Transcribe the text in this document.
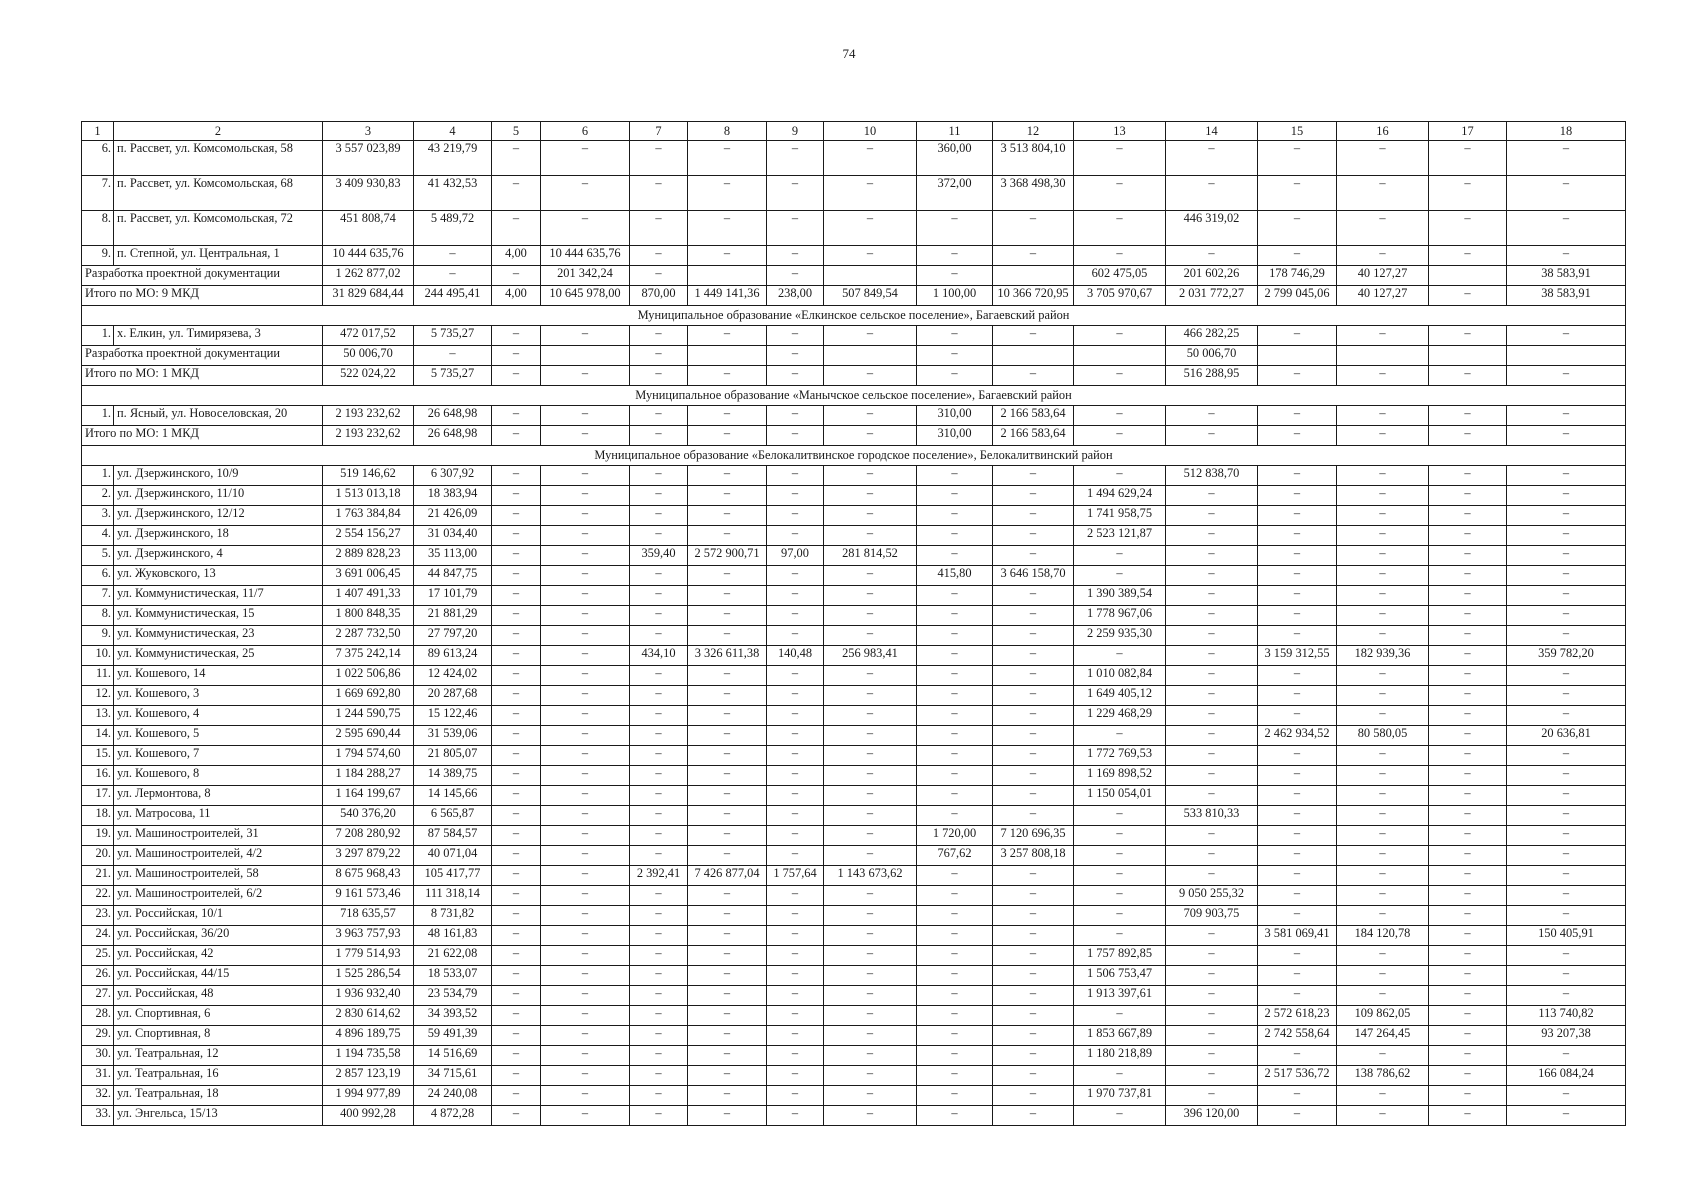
74
1	2	3	4	5	6	7	8	9	10	11	12	13	14	15	16	17	18
6.	п. Рассвет, ул. Комсомольская, 58	3 557 023,89	43 219,79	–	–	–	–	–	–	360,00	3 513 804,10	–	–	–	–	–	–
7.	п. Рассвет, ул. Комсомольская, 68	3 409 930,83	41 432,53	–	–	–	–	–	–	372,00	3 368 498,30	–	–	–	–	–	–
8.	п. Рассвет, ул. Комсомольская, 72	451 808,74	5 489,72	–	–	–	–	–	–	–	–	–	446 319,02	–	–	–	–
9.	п. Степной, ул. Центральная, 1	10 444 635,76	–	4,00	10 444 635,76	–	–	–	–	–	–	–	–	–	–	–	–
Разработка проектной документации		1 262 877,02	–	–	201 342,24	–		–		–		602 475,05	201 602,26	178 746,29	40 127,27		38 583,91
Итого по МО: 9 МКД		31 829 684,44	244 495,41	4,00	10 645 978,00	870,00	1 449 141,36	238,00	507 849,54	1 100,00	10 366 720,95	3 705 970,67	2 031 772,27	2 799 045,06	40 127,27	–	38 583,91
Муниципальное образование «Елкинское сельское поселение», Багаевский район																	
1.	х. Елкин, ул. Тимирязева, 3	472 017,52	5 735,27	–	–	–	–	–	–	–	–	–	466 282,25	–	–	–	–
Разработка проектной документации		50 006,70	–	–		–		–		–			50 006,70				
Итого по МО: 1 МКД		522 024,22	5 735,27	–	–	–	–	–	–	–	–	–	516 288,95	–	–	–	–
Муниципальное образование «Манычское сельское поселение», Багаевский район																	
1.	п. Ясный, ул. Новоселовская, 20	2 193 232,62	26 648,98	–	–	–	–	–	–	310,00	2 166 583,64	–	–	–	–	–	–
Итого по МО: 1 МКД		2 193 232,62	26 648,98	–	–	–	–	–	–	310,00	2 166 583,64	–	–	–	–	–	–
Муниципальное образование «Белокалитвинское городское поселение», Белокалитвинский район																	
1.	ул. Дзержинского, 10/9	519 146,62	6 307,92	–	–	–	–	–	–	–	–	–	512 838,70	–	–	–	–
2.	ул. Дзержинского, 11/10	1 513 013,18	18 383,94	–	–	–	–	–	–	–	–	1 494 629,24	–	–	–	–	–
3.	ул. Дзержинского, 12/12	1 763 384,84	21 426,09	–	–	–	–	–	–	–	–	1 741 958,75	–	–	–	–	–
4.	ул. Дзержинского, 18	2 554 156,27	31 034,40	–	–	–	–	–	–	–	–	2 523 121,87	–	–	–	–	–
5.	ул. Дзержинского, 4	2 889 828,23	35 113,00	–	–	359,40	2 572 900,71	97,00	281 814,52	–	–	–	–	–	–	–	–
6.	ул. Жуковского, 13	3 691 006,45	44 847,75	–	–	–	–	–	–	415,80	3 646 158,70	–	–	–	–	–	–
7.	ул. Коммунистическая, 11/7	1 407 491,33	17 101,79	–	–	–	–	–	–	–	–	1 390 389,54	–	–	–	–	–
8.	ул. Коммунистическая, 15	1 800 848,35	21 881,29	–	–	–	–	–	–	–	–	1 778 967,06	–	–	–	–	–
9.	ул. Коммунистическая, 23	2 287 732,50	27 797,20	–	–	–	–	–	–	–	–	2 259 935,30	–	–	–	–	–
10.	ул. Коммунистическая, 25	7 375 242,14	89 613,24	–	–	434,10	3 326 611,38	140,48	256 983,41	–	–	–	–	3 159 312,55	182 939,36	–	359 782,20
11.	ул. Кошевого, 14	1 022 506,86	12 424,02	–	–	–	–	–	–	–	–	1 010 082,84	–	–	–	–	–
12.	ул. Кошевого, 3	1 669 692,80	20 287,68	–	–	–	–	–	–	–	–	1 649 405,12	–	–	–	–	–
13.	ул. Кошевого, 4	1 244 590,75	15 122,46	–	–	–	–	–	–	–	–	1 229 468,29	–	–	–	–	–
14.	ул. Кошевого, 5	2 595 690,44	31 539,06	–	–	–	–	–	–	–	–	–	–	2 462 934,52	80 580,05	–	20 636,81
15.	ул. Кошевого, 7	1 794 574,60	21 805,07	–	–	–	–	–	–	–	–	1 772 769,53	–	–	–	–	–
16.	ул. Кошевого, 8	1 184 288,27	14 389,75	–	–	–	–	–	–	–	–	1 169 898,52	–	–	–	–	–
17.	ул. Лермонтова, 8	1 164 199,67	14 145,66	–	–	–	–	–	–	–	–	1 150 054,01	–	–	–	–	–
18.	ул. Матросова, 11	540 376,20	6 565,87	–	–	–	–	–	–	–	–	–	533 810,33	–	–	–	–
19.	ул. Машиностроителей, 31	7 208 280,92	87 584,57	–	–	–	–	–	–	1 720,00	7 120 696,35	–	–	–	–	–	–
20.	ул. Машиностроителей, 4/2	3 297 879,22	40 071,04	–	–	–	–	–	–	767,62	3 257 808,18	–	–	–	–	–	–
21.	ул. Машиностроителей, 58	8 675 968,43	105 417,77	–	–	2 392,41	7 426 877,04	1 757,64	1 143 673,62	–	–	–	–	–	–	–	–
22.	ул. Машиностроителей, 6/2	9 161 573,46	111 318,14	–	–	–	–	–	–	–	–	–	9 050 255,32	–	–	–	–
23.	ул. Российская, 10/1	718 635,57	8 731,82	–	–	–	–	–	–	–	–	–	709 903,75	–	–	–	–
24.	ул. Российская, 36/20	3 963 757,93	48 161,83	–	–	–	–	–	–	–	–	–	–	3 581 069,41	184 120,78	–	150 405,91
25.	ул. Российская, 42	1 779 514,93	21 622,08	–	–	–	–	–	–	–	–	1 757 892,85	–	–	–	–	–
26.	ул. Российская, 44/15	1 525 286,54	18 533,07	–	–	–	–	–	–	–	–	1 506 753,47	–	–	–	–	–
27.	ул. Российская, 48	1 936 932,40	23 534,79	–	–	–	–	–	–	–	–	1 913 397,61	–	–	–	–	–
28.	ул. Спортивная, 6	2 830 614,62	34 393,52	–	–	–	–	–	–	–	–	–	–	2 572 618,23	109 862,05	–	113 740,82
29.	ул. Спортивная, 8	4 896 189,75	59 491,39	–	–	–	–	–	–	–	–	1 853 667,89	–	2 742 558,64	147 264,45	–	93 207,38
30.	ул. Театральная, 12	1 194 735,58	14 516,69	–	–	–	–	–	–	–	–	1 180 218,89	–	–	–	–	–
31.	ул. Театральная, 16	2 857 123,19	34 715,61	–	–	–	–	–	–	–	–	–	–	2 517 536,72	138 786,62	–	166 084,24
32.	ул. Театральная, 18	1 994 977,89	24 240,08	–	–	–	–	–	–	–	–	1 970 737,81	–	–	–	–	–
33.	ул. Энгельса, 15/13	400 992,28	4 872,28	–	–	–	–	–	–	–	–	–	396 120,00	–	–	–	–
